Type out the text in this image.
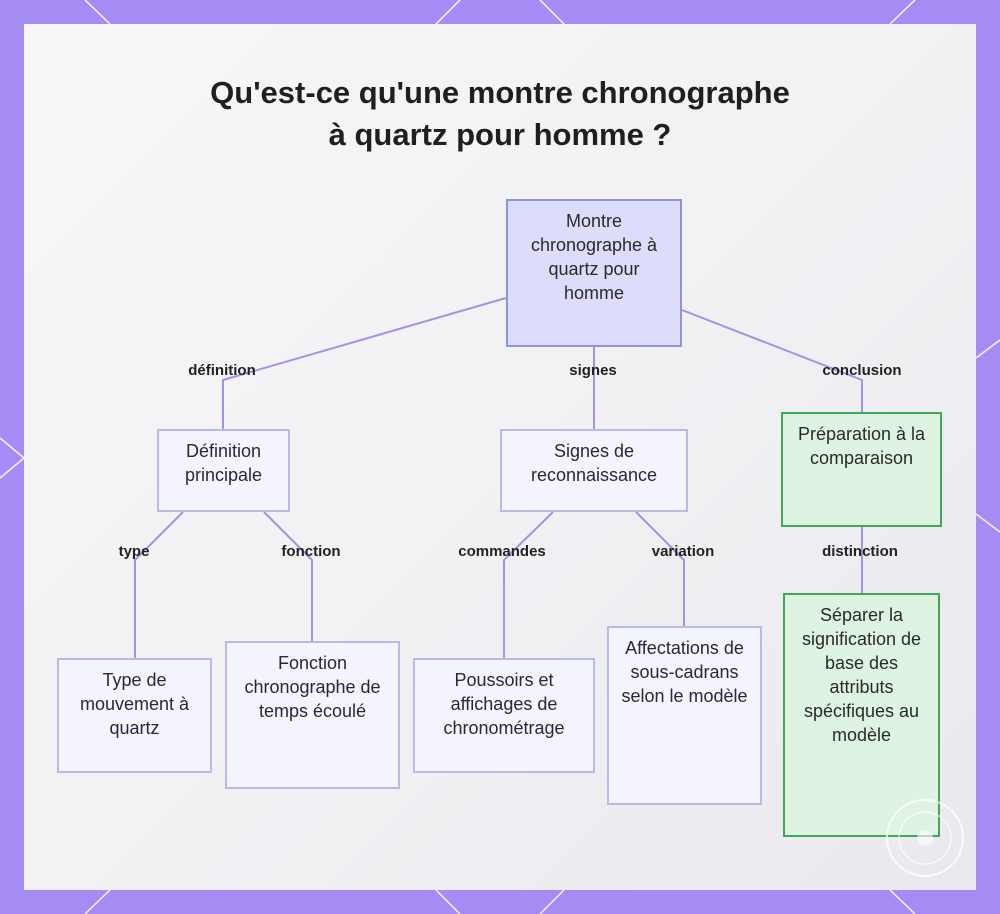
Qu'est-ce qu'une montre chronographe
à quartz pour homme ?
Montre chronographe à quartz pour homme
Définition principale
Signes de reconnaissance
Préparation à la comparaison
Type de mouvement à quartz
Fonction chronographe de temps écoulé
Poussoirs et affichages de chronométrage
Affectations de sous-cadrans selon le modèle
Séparer la signification de base des attributs spécifiques au modèle
définition	signes	conclusion
type	fonction	commandes	variation	distinction
